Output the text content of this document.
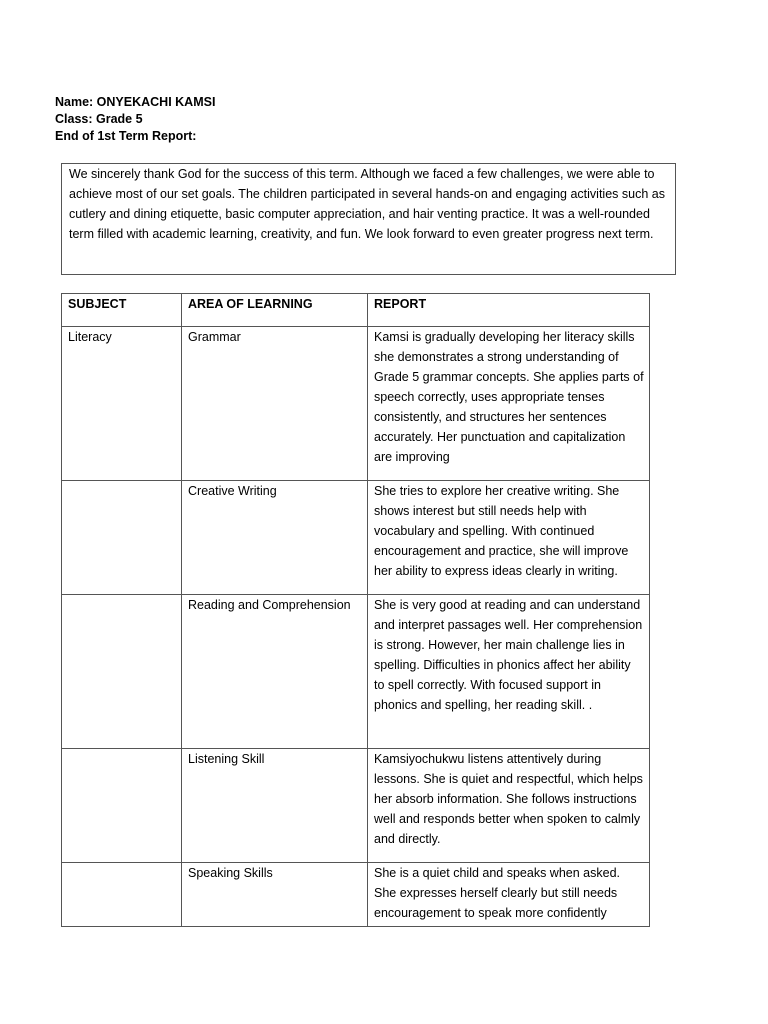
Name: ONYEKACHI KAMSI
Class: Grade 5
End of 1st Term Report:

We sincerely thank God for the success of this term. Although we faced a few challenges, we were able to achieve most of our set goals. The children participated in several hands-on and engaging activities such as cutlery and dining etiquette, basic computer appreciation, and hair venting practice. It was a well-rounded term filled with academic learning, creativity, and fun. We look forward to even greater progress next term.

SUBJECT	AREA OF LEARNING	REPORT
Literacy	Grammar	Kamsi is gradually developing her literacy skills she demonstrates a strong understanding of Grade 5 grammar concepts. She applies parts of speech correctly, uses appropriate tenses consistently, and structures her sentences accurately. Her punctuation and capitalization are improving
	Creative Writing	She tries to explore her creative writing. She shows interest but still needs help with vocabulary and spelling. With continued encouragement and practice, she will improve her ability to express ideas clearly in writing.
	Reading and Comprehension	She is very good at reading and can understand and interpret passages well. Her comprehension is strong. However, her main challenge lies in spelling. Difficulties in phonics affect her ability to spell correctly. With focused support in phonics and spelling, her reading skill. .
	Listening Skill	Kamsiyochukwu listens attentively during lessons. She is quiet and respectful, which helps her absorb information. She follows instructions well and responds better when spoken to calmly and directly.
	Speaking Skills	She is a quiet child and speaks when asked. She expresses herself clearly but still needs encouragement to speak more confidently
